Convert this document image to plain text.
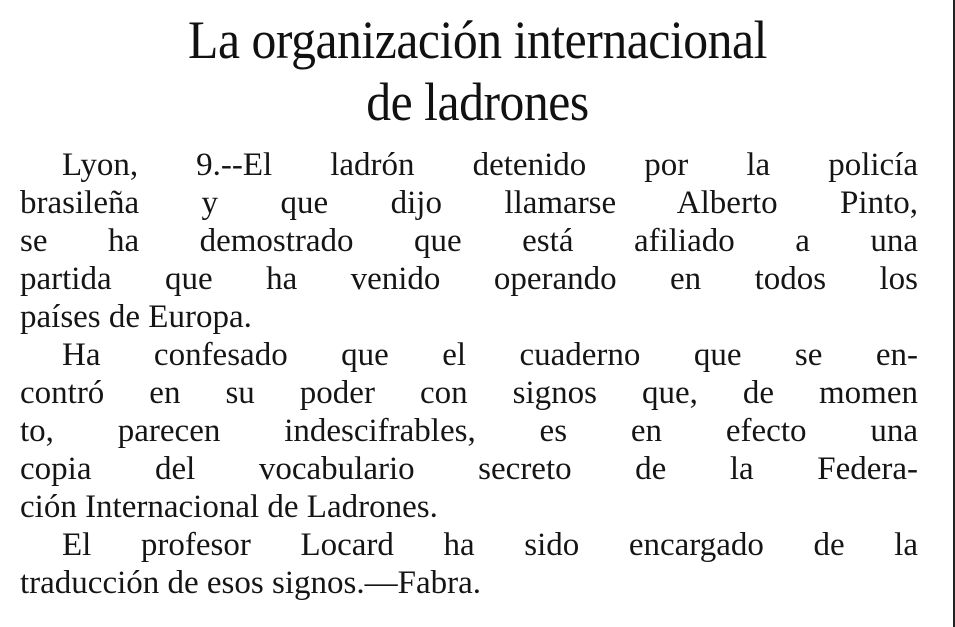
La organización internacional
de ladrones
Lyon, 9.--El ladrón detenido por la policía
brasileña y que dijo llamarse Alberto Pinto,
se ha demostrado que está afiliado a una
partida que ha venido operando en todos los
países de Europa.
Ha confesado que el cuaderno que se en-
contró en su poder con signos que, de momen
to, parecen indescifrables, es en efecto una
copia del vocabulario secreto de la Federa-
ción Internacional de Ladrones.
El profesor Locard ha sido encargado de la
traducción de esos signos.—Fabra.
